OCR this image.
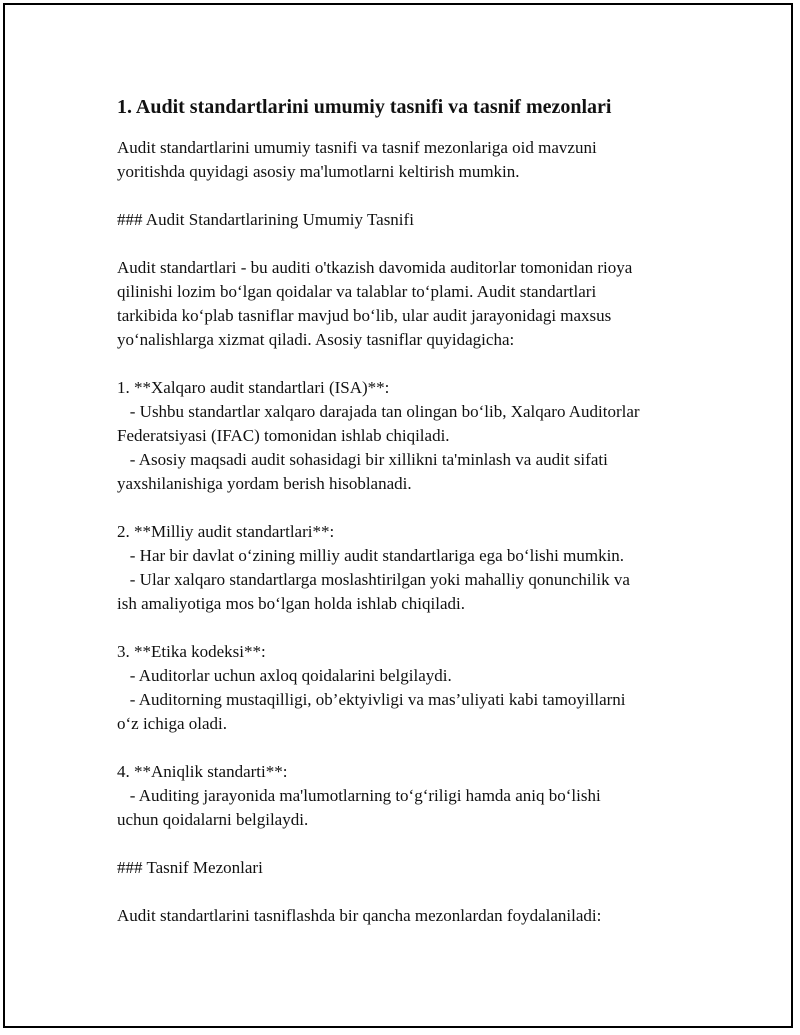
1. Audit standartlarini umumiy tasnifi va tasnif mezonlari
Audit standartlarini umumiy tasnifi va tasnif mezonlariga oid mavzuni
yoritishda quyidagi asosiy ma'lumotlarni keltirish mumkin.
### Audit Standartlarining Umumiy Tasnifi
Audit standartlari - bu auditi o'tkazish davomida auditorlar tomonidan rioya
qilinishi lozim bo‘lgan qoidalar va talablar to‘plami. Audit standartlari
tarkibida ko‘plab tasniflar mavjud bo‘lib, ular audit jarayonidagi maxsus
yo‘nalishlarga xizmat qiladi. Asosiy tasniflar quyidagicha:
1. **Xalqaro audit standartlari (ISA)**:
- Ushbu standartlar xalqaro darajada tan olingan bo‘lib, Xalqaro Auditorlar
Federatsiyasi (IFAC) tomonidan ishlab chiqiladi.
- Asosiy maqsadi audit sohasidagi bir xillikni ta'minlash va audit sifati
yaxshilanishiga yordam berish hisoblanadi.
2. **Milliy audit standartlari**:
- Har bir davlat o‘zining milliy audit standartlariga ega bo‘lishi mumkin.
- Ular xalqaro standartlarga moslashtirilgan yoki mahalliy qonunchilik va
ish amaliyotiga mos bo‘lgan holda ishlab chiqiladi.
3. **Etika kodeksi**:
- Auditorlar uchun axloq qoidalarini belgilaydi.
- Auditorning mustaqilligi, ob’ektyivligi va mas’uliyati kabi tamoyillarni
o‘z ichiga oladi.
4. **Aniqlik standarti**:
- Auditing jarayonida ma'lumotlarning to‘g‘riligi hamda aniq bo‘lishi
uchun qoidalarni belgilaydi.
### Tasnif Mezonlari
Audit standartlarini tasniflashda bir qancha mezonlardan foydalaniladi:
